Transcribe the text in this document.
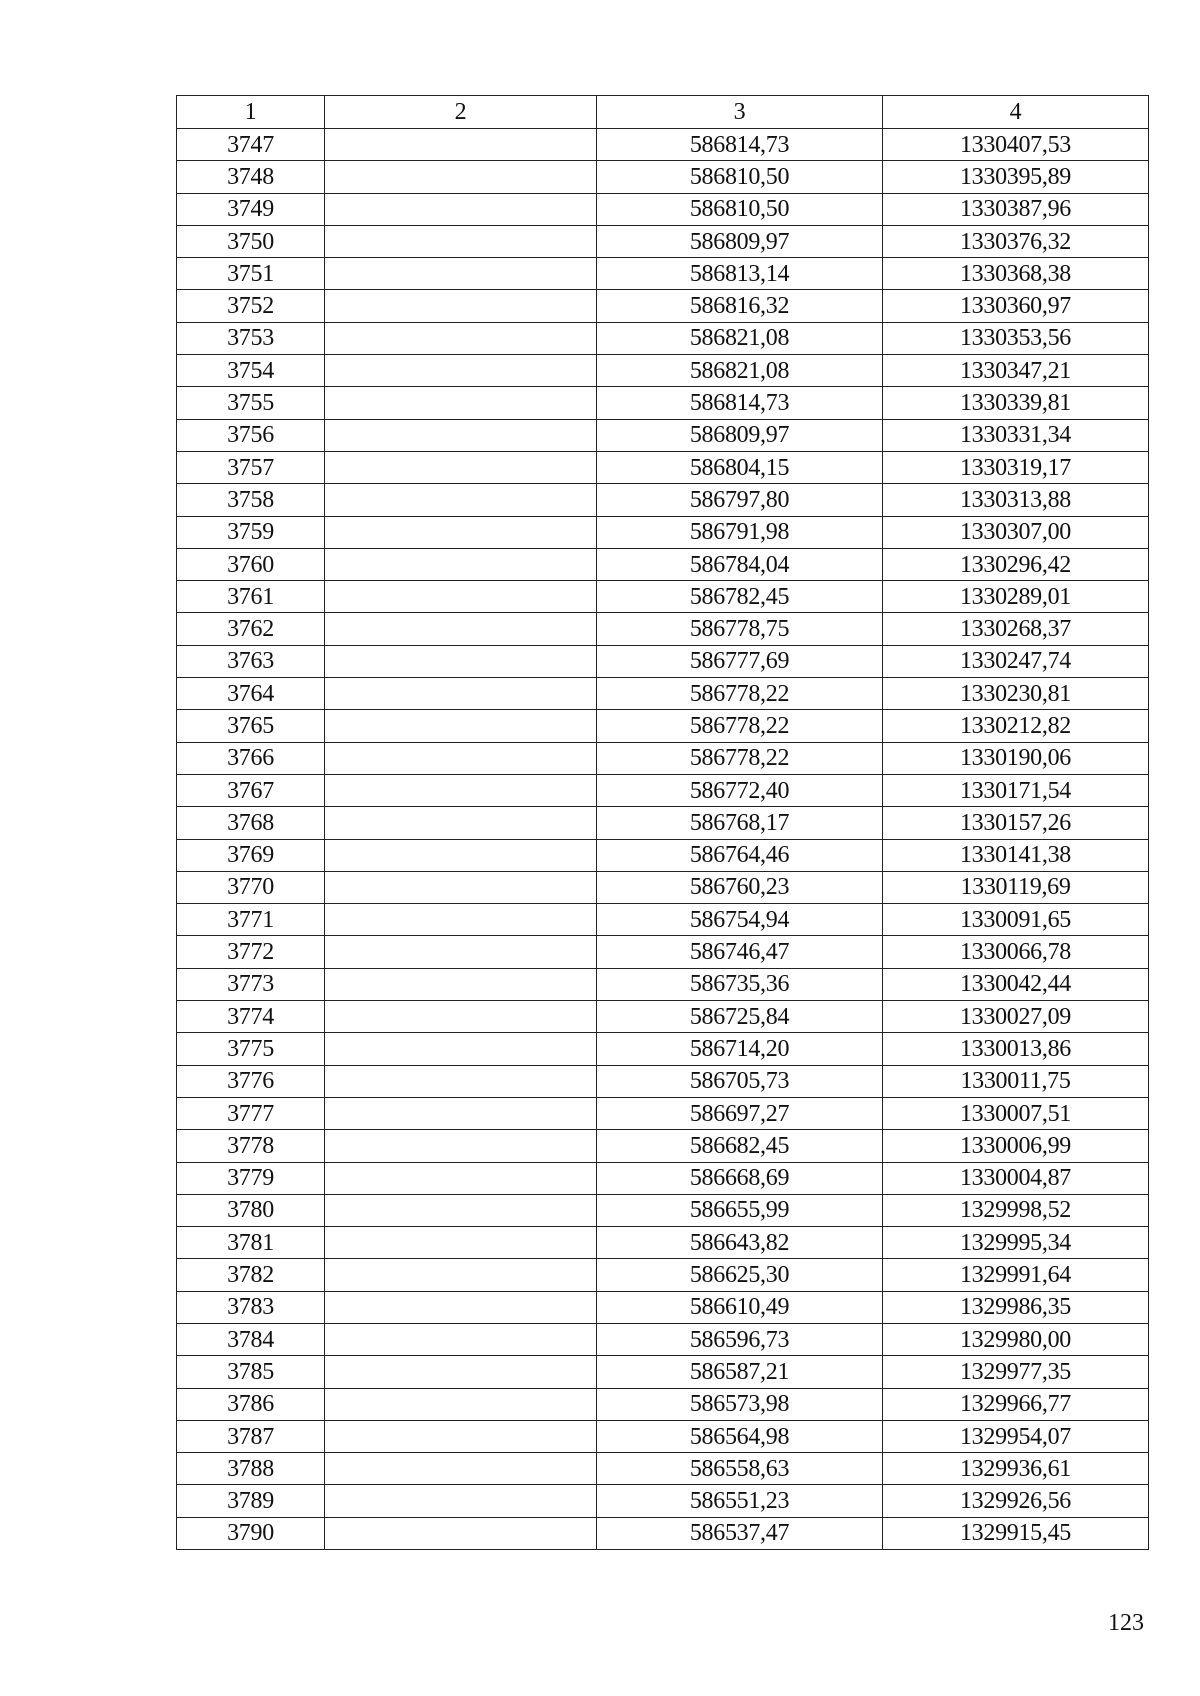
1	2	3	4
3747		586814,73	1330407,53
3748		586810,50	1330395,89
3749		586810,50	1330387,96
3750		586809,97	1330376,32
3751		586813,14	1330368,38
3752		586816,32	1330360,97
3753		586821,08	1330353,56
3754		586821,08	1330347,21
3755		586814,73	1330339,81
3756		586809,97	1330331,34
3757		586804,15	1330319,17
3758		586797,80	1330313,88
3759		586791,98	1330307,00
3760		586784,04	1330296,42
3761		586782,45	1330289,01
3762		586778,75	1330268,37
3763		586777,69	1330247,74
3764		586778,22	1330230,81
3765		586778,22	1330212,82
3766		586778,22	1330190,06
3767		586772,40	1330171,54
3768		586768,17	1330157,26
3769		586764,46	1330141,38
3770		586760,23	1330119,69
3771		586754,94	1330091,65
3772		586746,47	1330066,78
3773		586735,36	1330042,44
3774		586725,84	1330027,09
3775		586714,20	1330013,86
3776		586705,73	1330011,75
3777		586697,27	1330007,51
3778		586682,45	1330006,99
3779		586668,69	1330004,87
3780		586655,99	1329998,52
3781		586643,82	1329995,34
3782		586625,30	1329991,64
3783		586610,49	1329986,35
3784		586596,73	1329980,00
3785		586587,21	1329977,35
3786		586573,98	1329966,77
3787		586564,98	1329954,07
3788		586558,63	1329936,61
3789		586551,23	1329926,56
3790		586537,47	1329915,45
123
